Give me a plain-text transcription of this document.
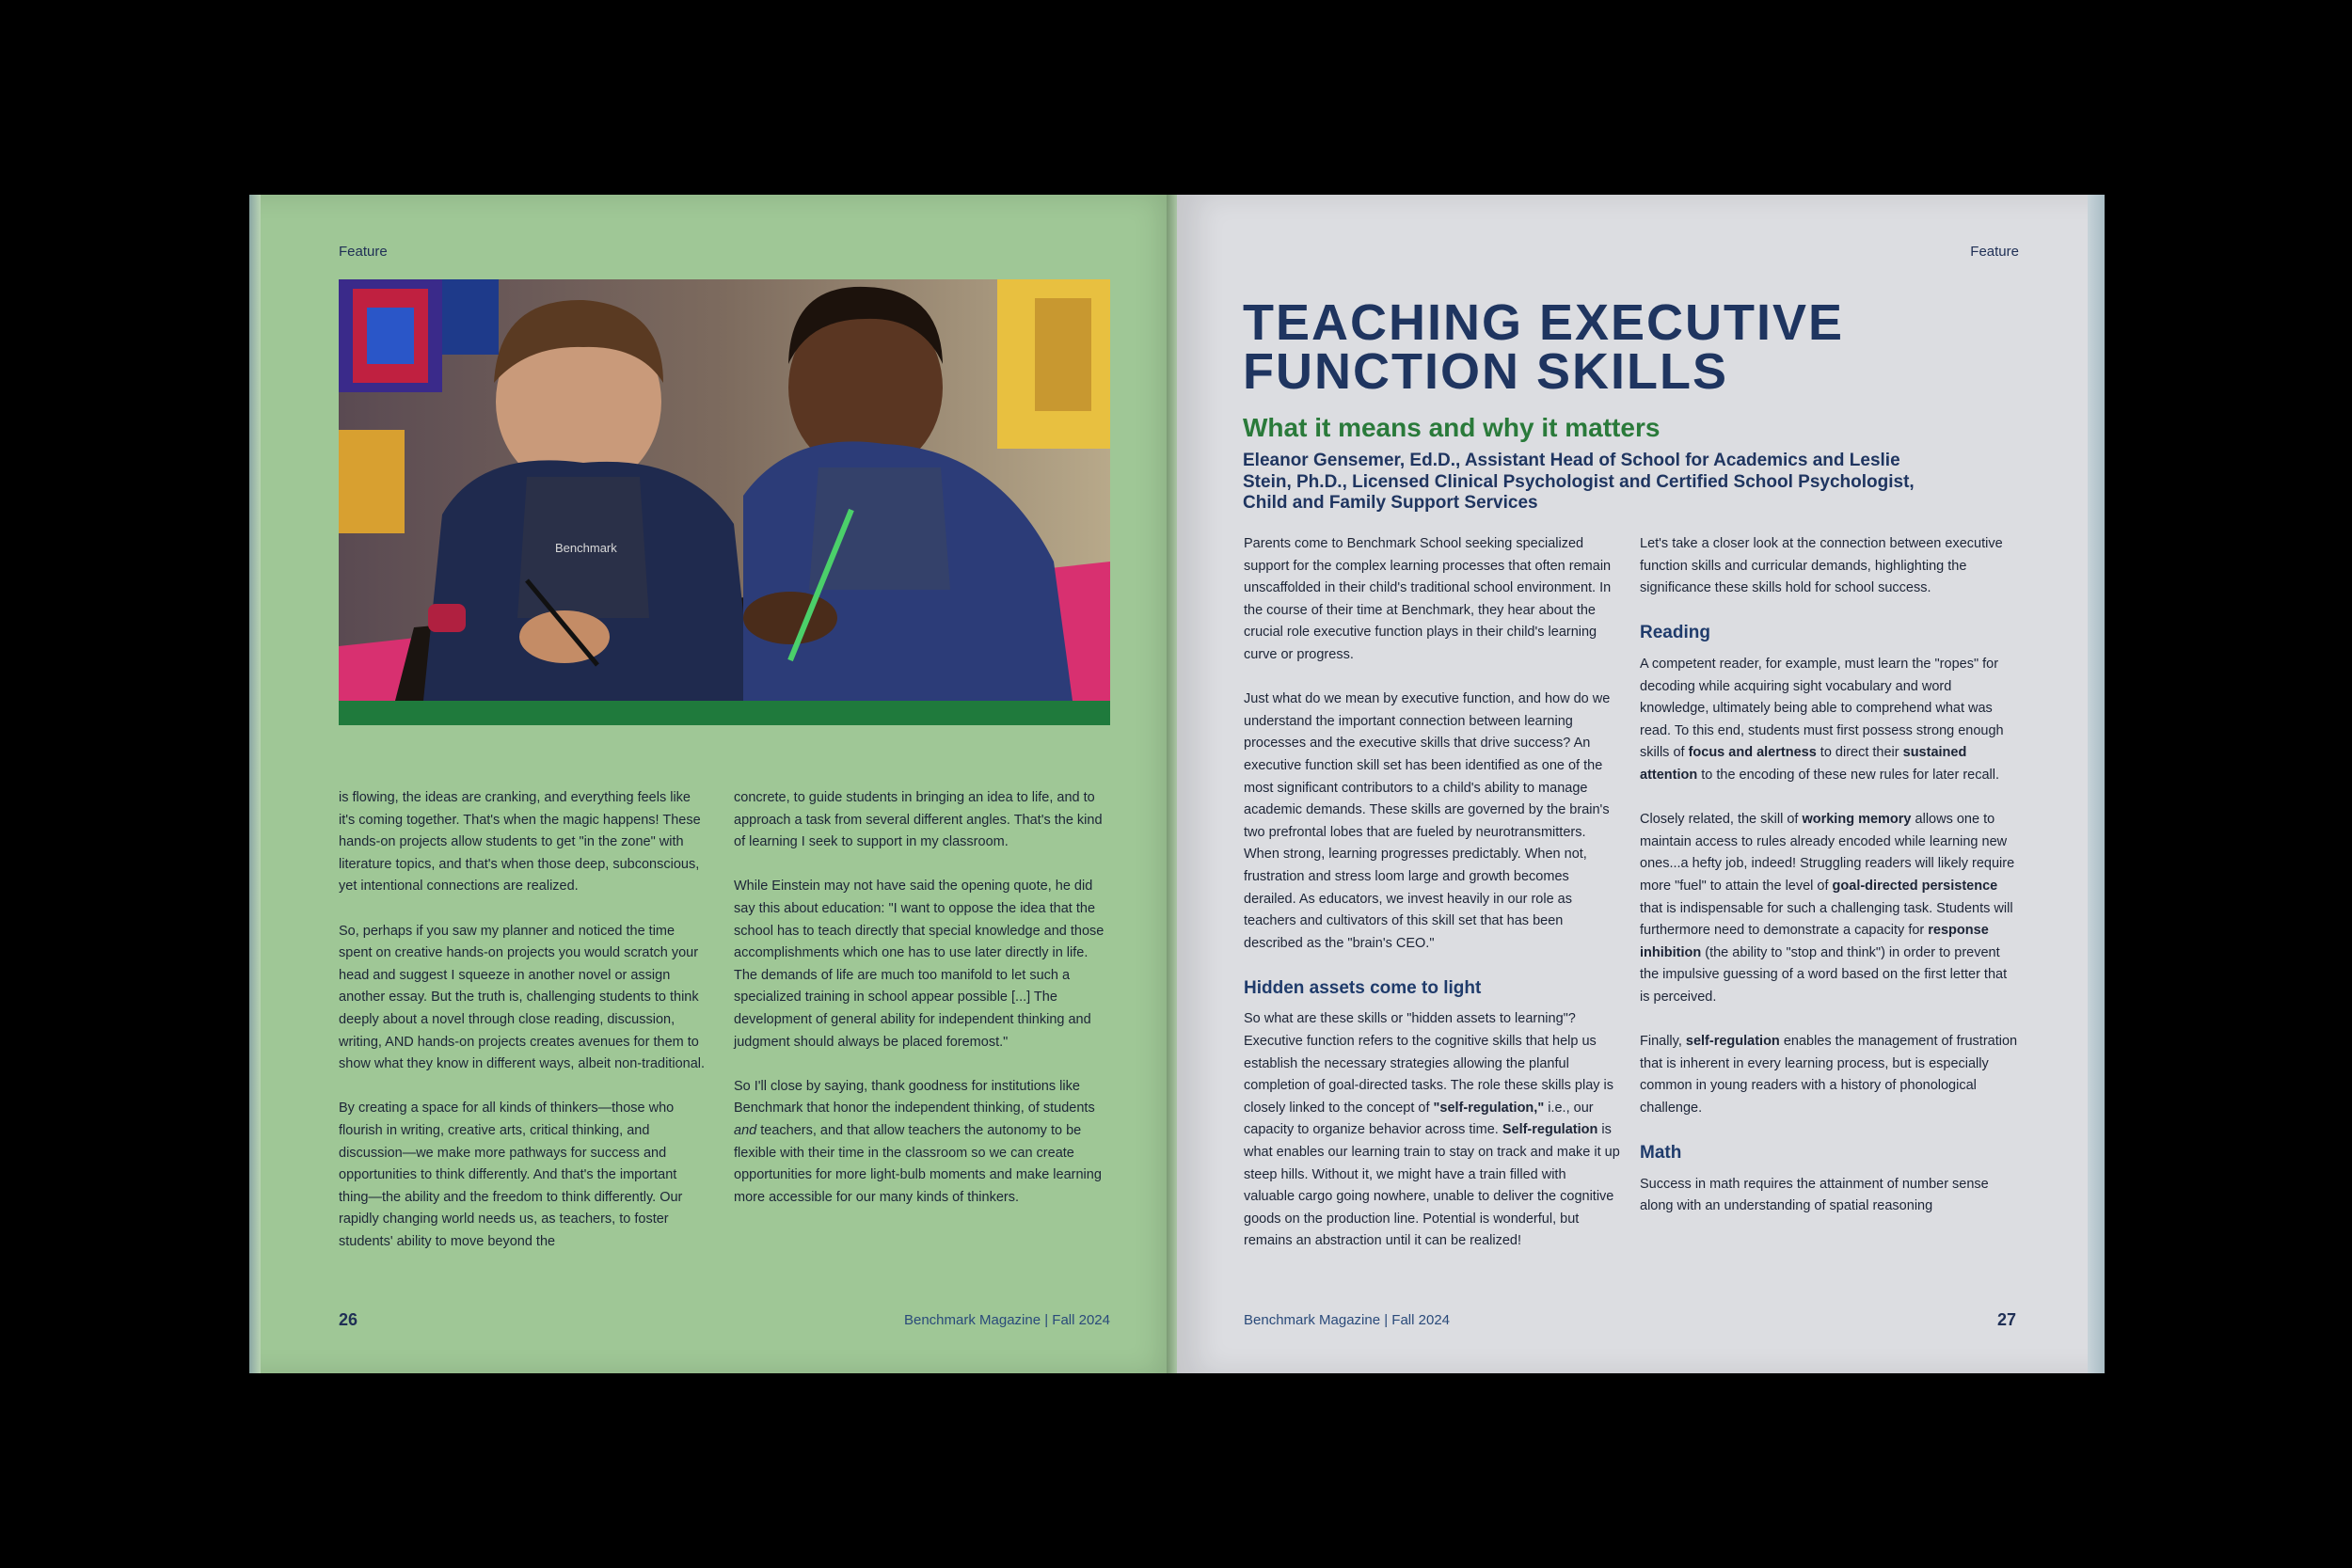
Feature
Benchmark

is flowing, the ideas are cranking, and everything feels like it's coming together. That's when the magic happens! These hands-on projects allow students to get "in the zone" with literature topics, and that's when those deep, subconscious, yet intentional connections are realized.

So, perhaps if you saw my planner and noticed the time spent on creative hands-on projects you would scratch your head and suggest I squeeze in another novel or assign another essay. But the truth is, challenging students to think deeply about a novel through close reading, discussion, writing, AND hands-on projects creates avenues for them to show what they know in different ways, albeit non-traditional.

By creating a space for all kinds of thinkers—those who flourish in writing, creative arts, critical thinking, and discussion—we make more pathways for success and opportunities to think differently. And that's the important thing—the ability and the freedom to think differently. Our rapidly changing world needs us, as teachers, to foster students' ability to move beyond the

concrete, to guide students in bringing an idea to life, and to approach a task from several different angles. That's the kind of learning I seek to support in my classroom.

While Einstein may not have said the opening quote, he did say this about education: "I want to oppose the idea that the school has to teach directly that special knowledge and those accomplishments which one has to use later directly in life. The demands of life are much too manifold to let such a specialized training in school appear possible [...] The development of general ability for independent thinking and judgment should always be placed foremost."

So I'll close by saying, thank goodness for institutions like Benchmark that honor the independent thinking, of students and teachers, and that allow teachers the autonomy to be flexible with their time in the classroom so we can create opportunities for more light-bulb moments and make learning more accessible for our many kinds of thinkers.

26	Benchmark Magazine | Fall 2024
Feature
TEACHING EXECUTIVE
FUNCTION SKILLS
What it means and why it matters

Eleanor Gensemer, Ed.D., Assistant Head of School for Academics and Leslie Stein, Ph.D., Licensed Clinical Psychologist and Certified School Psychologist, Child and Family Support Services

Parents come to Benchmark School seeking specialized support for the complex learning processes that often remain unscaffolded in their child's traditional school environment. In the course of their time at Benchmark, they hear about the crucial role executive function plays in their child's learning curve or progress.

Just what do we mean by executive function, and how do we understand the important connection between learning processes and the executive skills that drive success? An executive function skill set has been identified as one of the most significant contributors to a child's ability to manage academic demands. These skills are governed by the brain's two prefrontal lobes that are fueled by neurotransmitters. When strong, learning progresses predictably. When not, frustration and stress loom large and growth becomes derailed. As educators, we invest heavily in our role as teachers and cultivators of this skill set that has been described as the "brain's CEO."

Hidden assets come to light

So what are these skills or "hidden assets to learning"? Executive function refers to the cognitive skills that help us establish the necessary strategies allowing the planful completion of goal-directed tasks. The role these skills play is closely linked to the concept of "self-regulation," i.e., our capacity to organize behavior across time. Self-regulation is what enables our learning train to stay on track and make it up steep hills. Without it, we might have a train filled with valuable cargo going nowhere, unable to deliver the cognitive goods on the production line. Potential is wonderful, but remains an abstraction until it can be realized!

Let's take a closer look at the connection between executive function skills and curricular demands, highlighting the significance these skills hold for school success.

Reading

A competent reader, for example, must learn the "ropes" for decoding while acquiring sight vocabulary and word knowledge, ultimately being able to comprehend what was read. To this end, students must first possess strong enough skills of focus and alertness to direct their sustained attention to the encoding of these new rules for later recall.

Closely related, the skill of working memory allows one to maintain access to rules already encoded while learning new ones...a hefty job, indeed! Struggling readers will likely require more "fuel" to attain the level of goal-directed persistence that is indispensable for such a challenging task. Students will furthermore need to demonstrate a capacity for response inhibition (the ability to "stop and think") in order to prevent the impulsive guessing of a word based on the first letter that is perceived.

Finally, self-regulation enables the management of frustration that is inherent in every learning process, but is especially common in young readers with a history of phonological challenge.

Math

Success in math requires the attainment of number sense along with an understanding of spatial reasoning

Benchmark Magazine | Fall 2024	27
